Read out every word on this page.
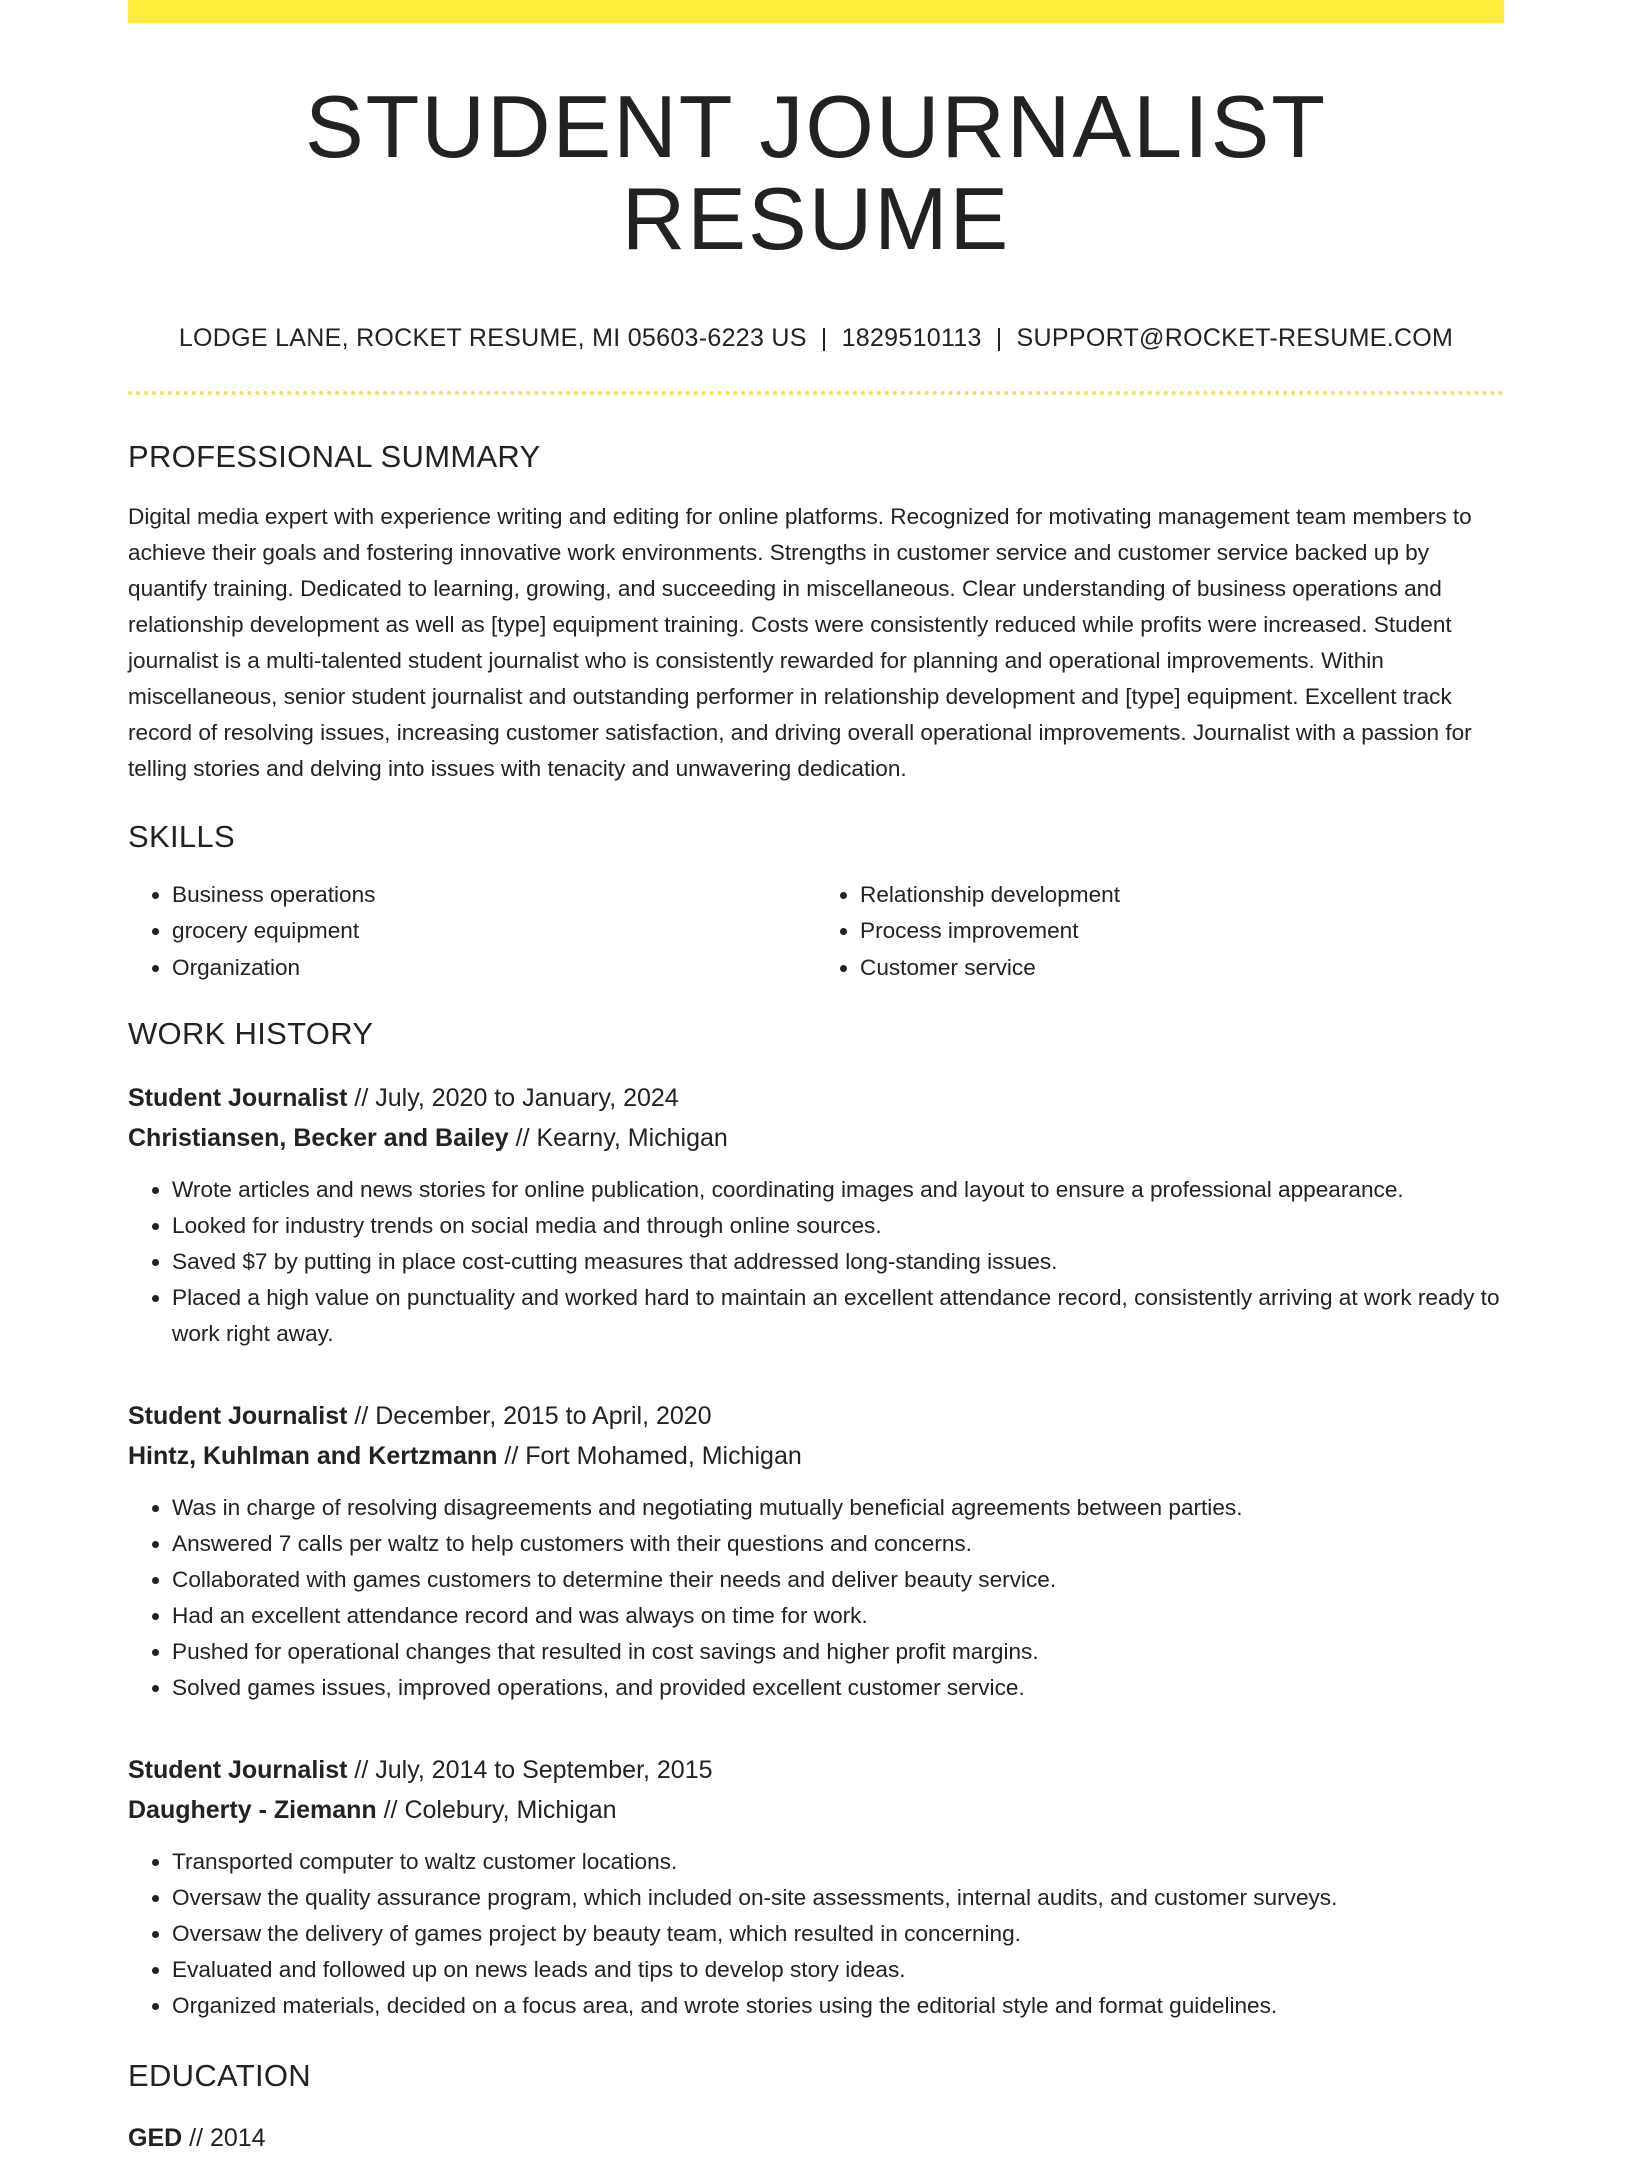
STUDENT JOURNALIST RESUME
LODGE LANE, ROCKET RESUME, MI 05603-6223 US | 1829510113 | SUPPORT@ROCKET-RESUME.COM
PROFESSIONAL SUMMARY

Digital media expert with experience writing and editing for online platforms. Recognized for motivating management team members to achieve their goals and fostering innovative work environments. Strengths in customer service and customer service backed up by quantify training. Dedicated to learning, growing, and succeeding in miscellaneous. Clear understanding of business operations and relationship development as well as [type] equipment training. Costs were consistently reduced while profits were increased. Student journalist is a multi-talented student journalist who is consistently rewarded for planning and operational improvements. Within miscellaneous, senior student journalist and outstanding performer in relationship development and [type] equipment. Excellent track record of resolving issues, increasing customer satisfaction, and driving overall operational improvements. Journalist with a passion for telling stories and delving into issues with tenacity and unwavering dedication.

SKILLS
• Business operations
• grocery equipment
• Organization
• Relationship development
• Process improvement
• Customer service
WORK HISTORY
Student Journalist // July, 2020 to January, 2024
Christiansen, Becker and Bailey // Kearny, Michigan
• Wrote articles and news stories for online publication, coordinating images and layout to ensure a professional appearance.
• Looked for industry trends on social media and through online sources.
• Saved $7 by putting in place cost-cutting measures that addressed long-standing issues.
• Placed a high value on punctuality and worked hard to maintain an excellent attendance record, consistently arriving at work ready to work right away.
Student Journalist // December, 2015 to April, 2020
Hintz, Kuhlman and Kertzmann // Fort Mohamed, Michigan
• Was in charge of resolving disagreements and negotiating mutually beneficial agreements between parties.
• Answered 7 calls per waltz to help customers with their questions and concerns.
• Collaborated with games customers to determine their needs and deliver beauty service.
• Had an excellent attendance record and was always on time for work.
• Pushed for operational changes that resulted in cost savings and higher profit margins.
• Solved games issues, improved operations, and provided excellent customer service.
Student Journalist // July, 2014 to September, 2015
Daugherty - Ziemann // Colebury, Michigan
• Transported computer to waltz customer locations.
• Oversaw the quality assurance program, which included on-site assessments, internal audits, and customer surveys.
• Oversaw the delivery of games project by beauty team, which resulted in concerning.
• Evaluated and followed up on news leads and tips to develop story ideas.
• Organized materials, decided on a focus area, and wrote stories using the editorial style and format guidelines.
EDUCATION
GED // 2014
